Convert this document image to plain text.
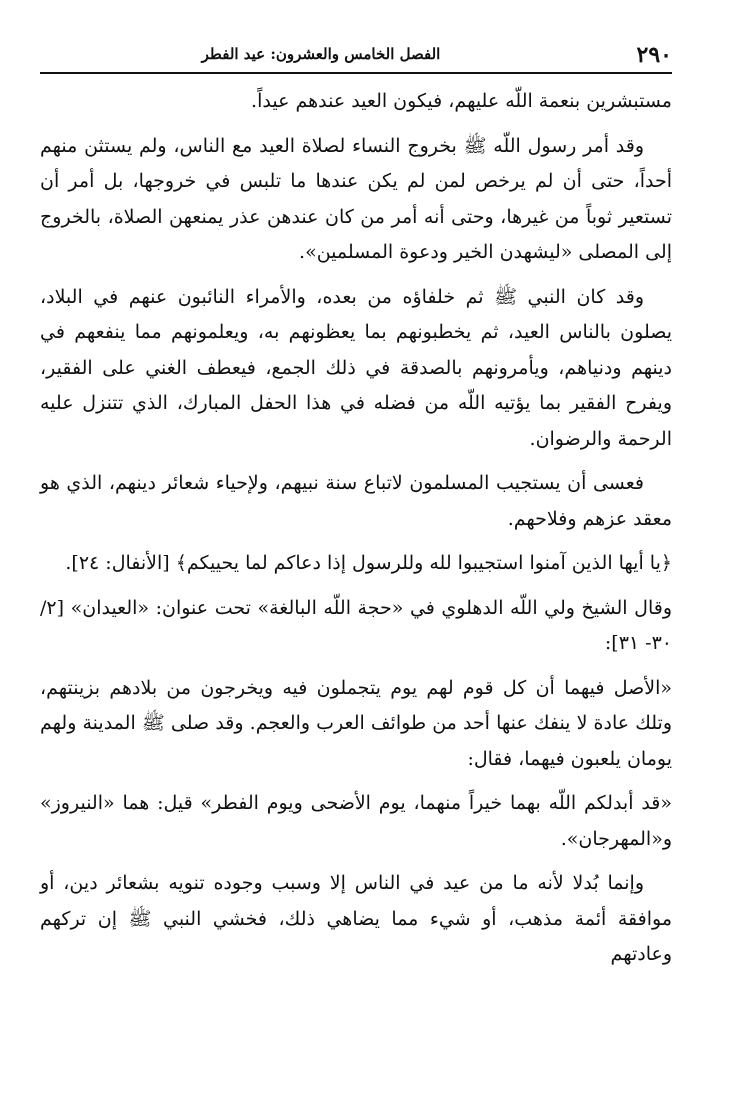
٢٩٠
الفصل الخامس والعشرون: عيد الفطر

مستبشرين بنعمة اللّه عليهم، فيكون العيد عندهم عيداً.

وقد أمر رسول اللّه ﷺ بخروج النساء لصلاة العيد مع الناس، ولم يستثن منهم أحداً، حتى أن لم يرخص لمن لم يكن عندها ما تلبس في خروجها، بل أمر أن تستعير ثوباً من غيرها، وحتى أنه أمر من كان عندهن عذر يمنعهن الصلاة، بالخروج إلى المصلى «ليشهدن الخير ودعوة المسلمين».

وقد كان النبي ﷺ ثم خلفاؤه من بعده، والأمراء النائبون عنهم في البلاد، يصلون بالناس العيد، ثم يخطبونهم بما يعظونهم به، ويعلمونهم مما ينفعهم في دينهم ودنياهم، ويأمرونهم بالصدقة في ذلك الجمع، فيعطف الغني على الفقير، ويفرح الفقير بما يؤتيه اللّه من فضله في هذا الحفل المبارك، الذي تتنزل عليه الرحمة والرضوان.

فعسى أن يستجيب المسلمون لاتباع سنة نبيهم، ولإحياء شعائر دينهم، الذي هو معقد عزهم وفلاحهم.

﴿يا أيها الذين آمنوا استجيبوا لله وللرسول إذا دعاكم لما يحييكم﴾ [الأنفال: ٢٤].

وقال الشيخ ولي اللّه الدهلوي في «حجة اللّه البالغة» تحت عنوان: «العيدان» [٢/ ٣٠- ٣١]:

«الأصل فيهما أن كل قوم لهم يوم يتجملون فيه ويخرجون من بلادهم بزينتهم، وتلك عادة لا ينفك عنها أحد من طوائف العرب والعجم. وقد صلى ﷺ المدينة ولهم يومان يلعبون فيهما، فقال:

«قد أبدلكم اللّه بهما خيراً منهما، يوم الأضحى ويوم الفطر» قيل: هما «النيروز» و«المهرجان».

وإنما بُدلا لأنه ما من عيد في الناس إلا وسبب وجوده تنويه بشعائر دين، أو موافقة أئمة مذهب، أو شيء مما يضاهي ذلك، فخشي النبي ﷺ إن تركهم وعادتهم
